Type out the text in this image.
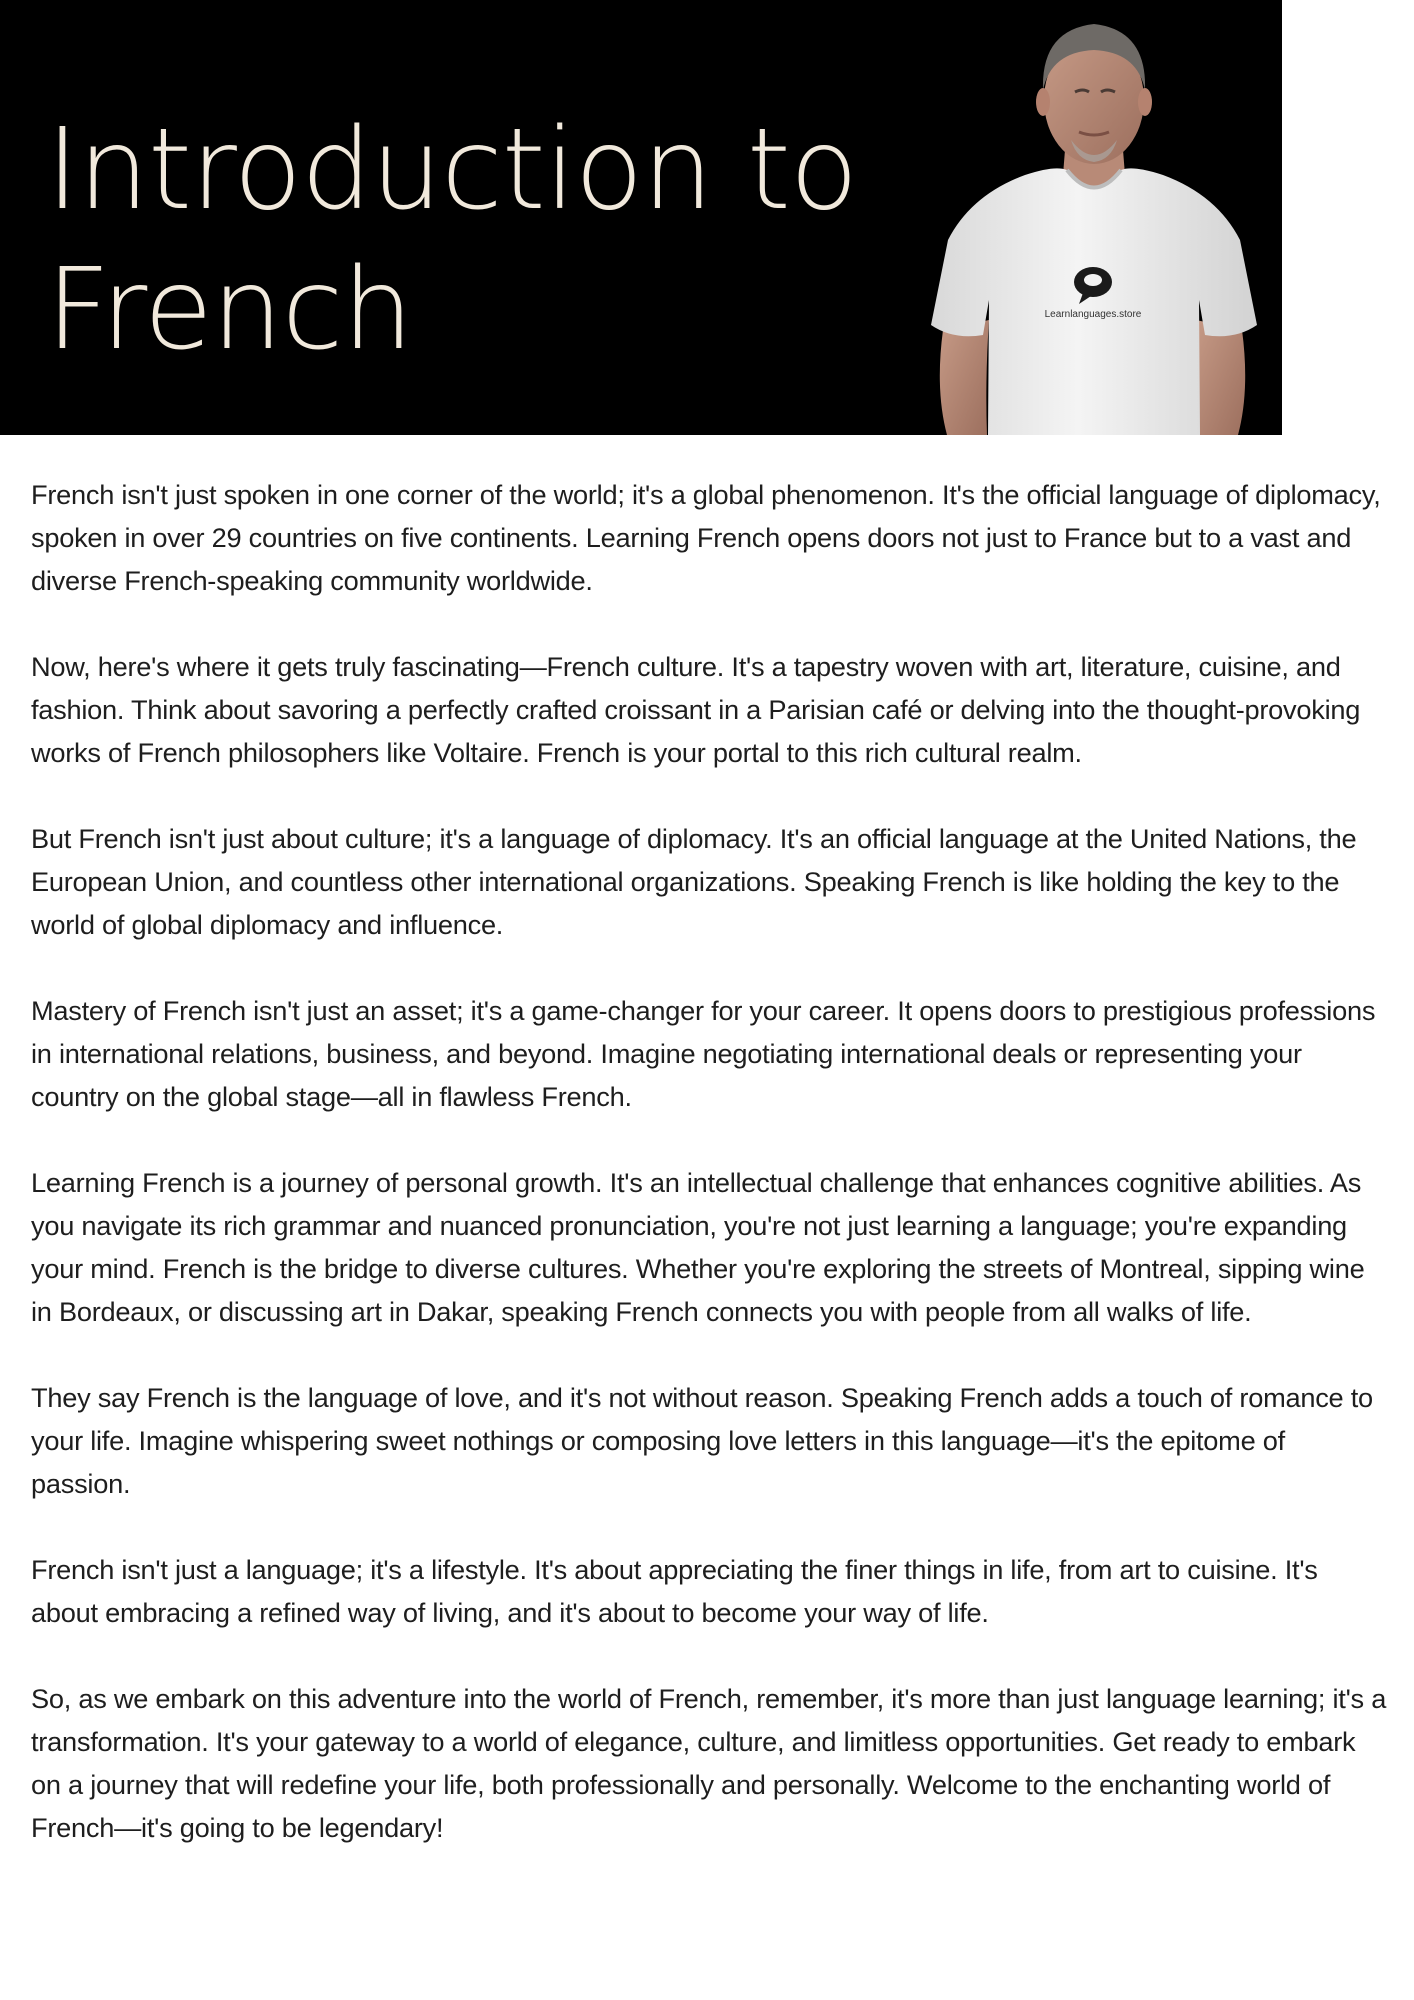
Introduction to French	Learnlanguages.store

French isn't just spoken in one corner of the world; it's a global phenomenon. It's the official language of diplomacy, spoken in over 29 countries on five continents. Learning French opens doors not just to France but to a vast and diverse French-speaking community worldwide.

Now, here's where it gets truly fascinating—French culture. It's a tapestry woven with art, literature, cuisine, and fashion. Think about savoring a perfectly crafted croissant in a Parisian café or delving into the thought-provoking works of French philosophers like Voltaire. French is your portal to this rich cultural realm.

But French isn't just about culture; it's a language of diplomacy. It's an official language at the United Nations, the European Union, and countless other international organizations. Speaking French is like holding the key to the world of global diplomacy and influence.

Mastery of French isn't just an asset; it's a game-changer for your career. It opens doors to prestigious professions in international relations, business, and beyond. Imagine negotiating international deals or representing your country on the global stage—all in flawless French.

Learning French is a journey of personal growth. It's an intellectual challenge that enhances cognitive abilities. As you navigate its rich grammar and nuanced pronunciation, you're not just learning a language; you're expanding your mind. French is the bridge to diverse cultures. Whether you're exploring the streets of Montreal, sipping wine in Bordeaux, or discussing art in Dakar, speaking French connects you with people from all walks of life.

They say French is the language of love, and it's not without reason. Speaking French adds a touch of romance to your life. Imagine whispering sweet nothings or composing love letters in this language—it's the epitome of passion.

French isn't just a language; it's a lifestyle. It's about appreciating the finer things in life, from art to cuisine. It's about embracing a refined way of living, and it's about to become your way of life.

So, as we embark on this adventure into the world of French, remember, it's more than just language learning; it's a transformation. It's your gateway to a world of elegance, culture, and limitless opportunities. Get ready to embark on a journey that will redefine your life, both professionally and personally. Welcome to the enchanting world of French—it's going to be legendary!
